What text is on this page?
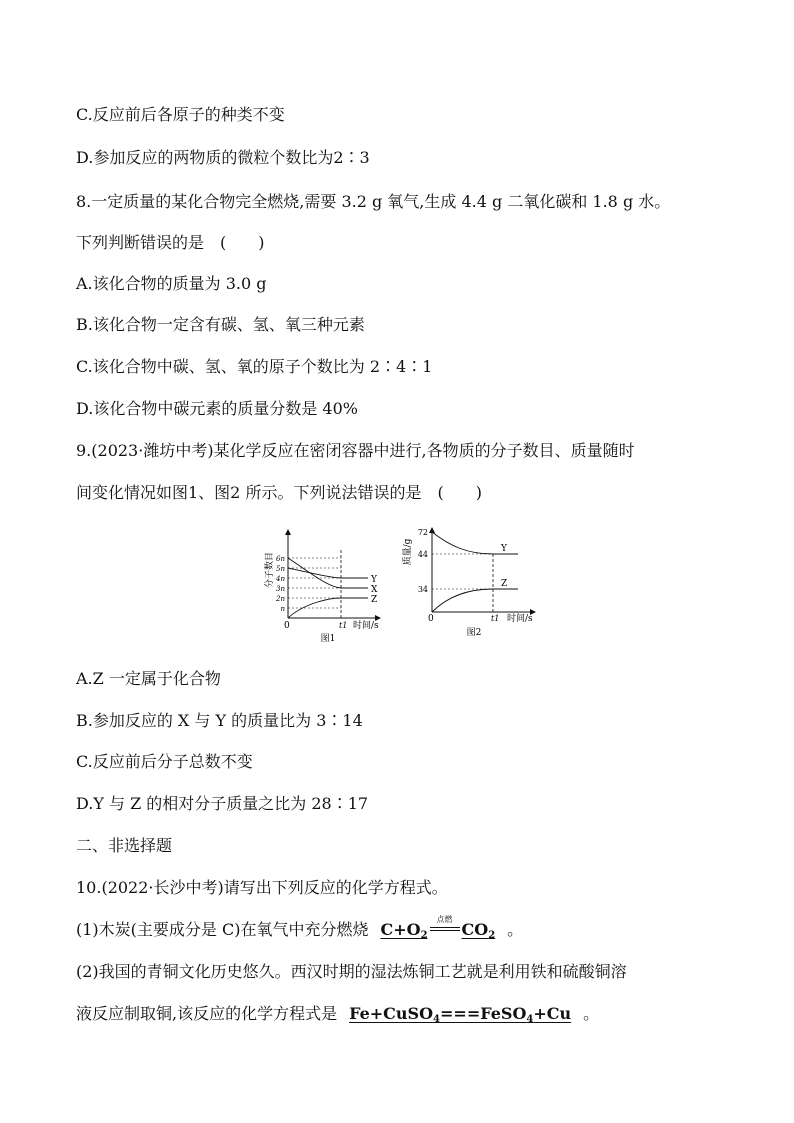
C.反应前后各原子的种类不变
D.参加反应的两物质的微粒个数比为2∶3
8.一定质量的某化合物完全燃烧,需要 3.2 g 氧气,生成 4.4 g 二氧化碳和 1.8 g 水。
下列判断错误的是　(　　)
A.该化合物的质量为 3.0 g
B.该化合物一定含有碳、氢、氧三种元素
C.该化合物中碳、氢、氧的原子个数比为 2∶4∶1
D.该化合物中碳元素的质量分数是 40%
9.(2023·潍坊中考)某化学反应在密闭容器中进行,各物质的分子数目、质量随时
间变化情况如图1、图2 所示。下列说法错误的是　(　　)
分子数目
n
2n
3n
4n
5n
6n
Y
X
Z
0	t1 时间/s
图1
质量/g
72
44
34
Y
Z
0	t1 时间/s
图2
A.Z 一定属于化合物
B.参加反应的 X 与 Y 的质量比为 3∶14
C.反应前后分子总数不变
D.Y 与 Z 的相对分子质量之比为 28∶17
二、非选择题
10.(2022·长沙中考)请写出下列反应的化学方程式。
(1)木炭(主要成分是 C)在氧气中充分燃烧 $C+O_2$
点燃
$CO_2$ 。
(2)我国的青铜文化历史悠久。西汉时期的湿法炼铜工艺就是利用铁和硫酸铜溶
液反应制取铜,该反应的化学方程式是 Fe+CuSO$_4$===FeSO$_4$+Cu 。
